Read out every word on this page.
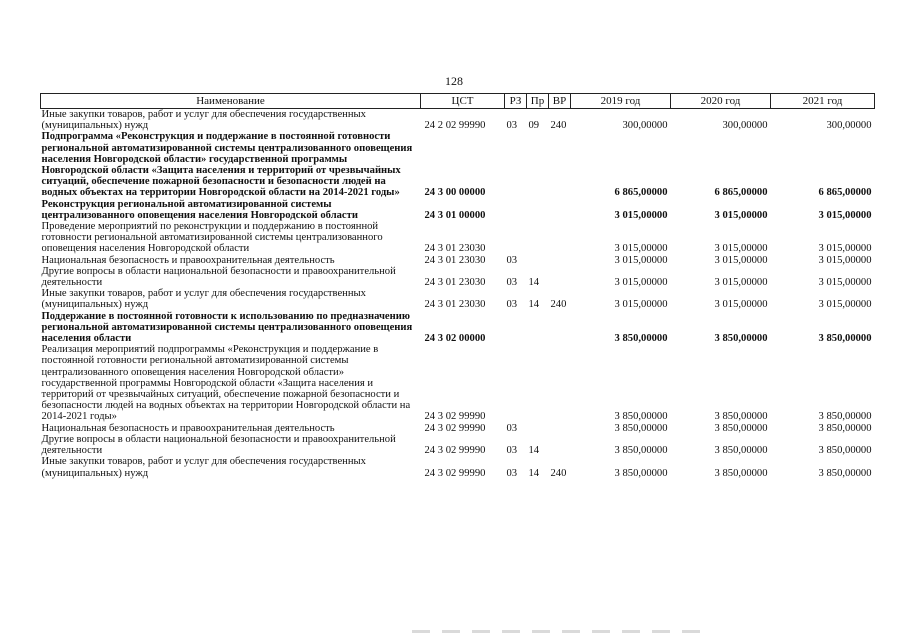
128
Наименование	ЦСТ	РЗ	Пр	ВР	2019 год	2020 год	2021 год
Иные закупки товаров, работ и услуг для обеспечения государственных (муниципальных) нужд	24 2 02 99990	03	09	240	300,00000	300,00000	300,00000
Подпрограмма «Реконструкция и поддержание в постоянной готовности региональной автоматизированной системы централизованного оповещения населения Новгородской области» государственной программы Новгородской области «Защита населения и территорий от чрезвычайных ситуаций, обеспечение пожарной безопасности и безопасности людей на водных объектах на территории Новгородской области на 2014-2021 годы»	24 3 00 00000				6 865,00000	6 865,00000	6 865,00000
Реконструкция региональной автоматизированной системы централизованного оповещения населения Новгородской области	24 3 01 00000				3 015,00000	3 015,00000	3 015,00000
Проведение мероприятий по реконструкции и поддержанию в постоянной готовности региональной автоматизированной системы централизованного оповещения населения Новгородской области	24 3 01 23030				3 015,00000	3 015,00000	3 015,00000
Национальная безопасность и правоохранительная деятельность	24 3 01 23030	03			3 015,00000	3 015,00000	3 015,00000
Другие вопросы в области национальной безопасности и правоохранительной деятельности	24 3 01 23030	03	14		3 015,00000	3 015,00000	3 015,00000
Иные закупки товаров, работ и услуг для обеспечения государственных (муниципальных) нужд	24 3 01 23030	03	14	240	3 015,00000	3 015,00000	3 015,00000
Поддержание в постоянной готовности к использованию по предназначению региональной автоматизированной системы централизованного оповещения населения области	24 3 02 00000				3 850,00000	3 850,00000	3 850,00000
Реализация мероприятий подпрограммы «Реконструкция и поддержание в постоянной готовности региональной автоматизированной системы централизованного оповещения населения Новгородской области» государственной программы Новгородской области «Защита населения и территорий от чрезвычайных ситуаций, обеспечение пожарной безопасности и безопасности людей на водных объектах на территории Новгородской области на 2014-2021 годы»	24 3 02 99990				3 850,00000	3 850,00000	3 850,00000
Национальная безопасность и правоохранительная деятельность	24 3 02 99990	03			3 850,00000	3 850,00000	3 850,00000
Другие вопросы в области национальной безопасности и правоохранительной деятельности	24 3 02 99990	03	14		3 850,00000	3 850,00000	3 850,00000
Иные закупки товаров, работ и услуг для обеспечения государственных (муниципальных) нужд	24 3 02 99990	03	14	240	3 850,00000	3 850,00000	3 850,00000
